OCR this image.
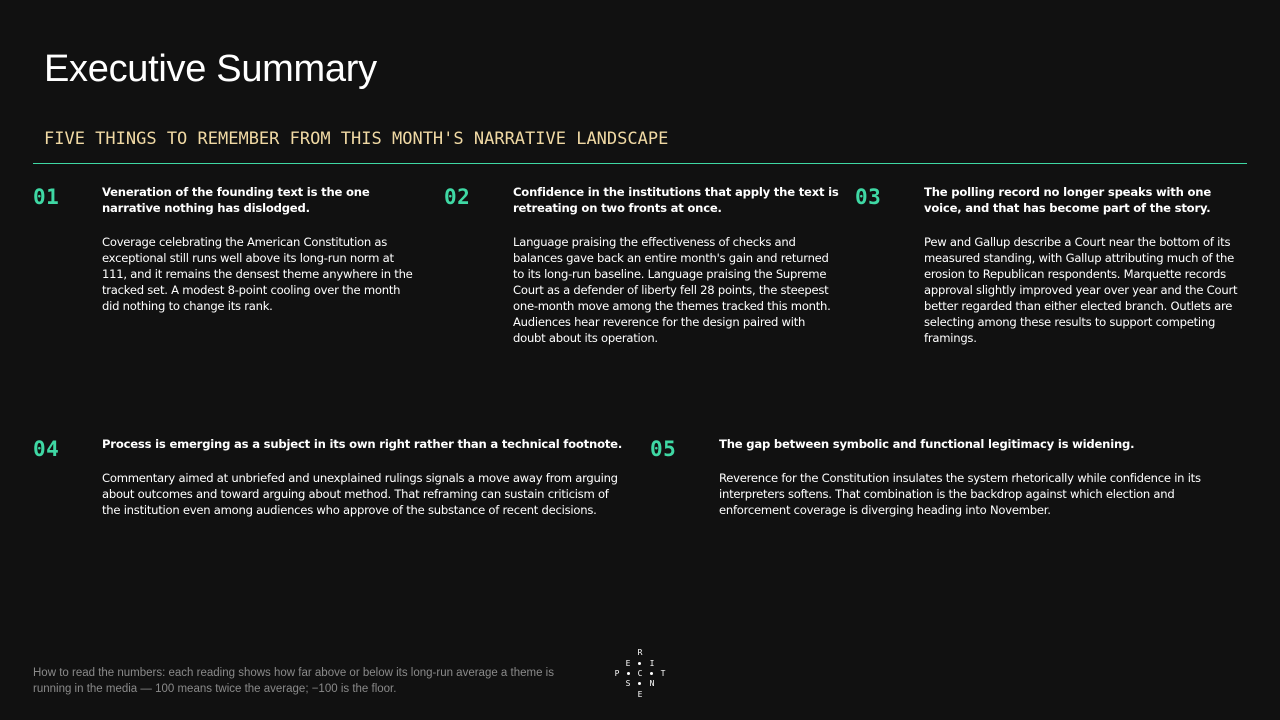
Executive Summary
FIVE THINGS TO REMEMBER FROM THIS MONTH'S NARRATIVE LANDSCAPE
01	Veneration of the founding text is the one narrative nothing has dislodged.
Coverage celebrating the American Constitution as exceptional still runs well above its long-run norm at 111, and it remains the densest theme anywhere in the tracked set. A modest 8-point cooling over the month did nothing to change its rank.
02	Confidence in the institutions that apply the text is retreating on two fronts at once.
Language praising the effectiveness of checks and balances gave back an entire month's gain and returned to its long-run baseline. Language praising the Supreme Court as a defender of liberty fell 28 points, the steepest one-month move among the themes tracked this month. Audiences hear reverence for the design paired with doubt about its operation.
03	The polling record no longer speaks with one voice, and that has become part of the story.
Pew and Gallup describe a Court near the bottom of its measured standing, with Gallup attributing much of the erosion to Republican respondents. Marquette records approval slightly improved year over year and the Court better regarded than either elected branch. Outlets are selecting among these results to support competing framings.
04	Process is emerging as a subject in its own right rather than a technical footnote.
Commentary aimed at unbriefed and unexplained rulings signals a move away from arguing about outcomes and toward arguing about method. That reframing can sustain criticism of the institution even among audiences who approve of the substance of recent decisions.
05	The gap between symbolic and functional legitimacy is widening.
Reverence for the Constitution insulates the system rhetorically while confidence in its interpreters softens. That combination is the backdrop against which election and enforcement coverage is diverging heading into November.
How to read the numbers: each reading shows how far above or below its long-run average a theme is running in the media — 100 means twice the average; −100 is the floor.
R
E I
P C T
S N
E
